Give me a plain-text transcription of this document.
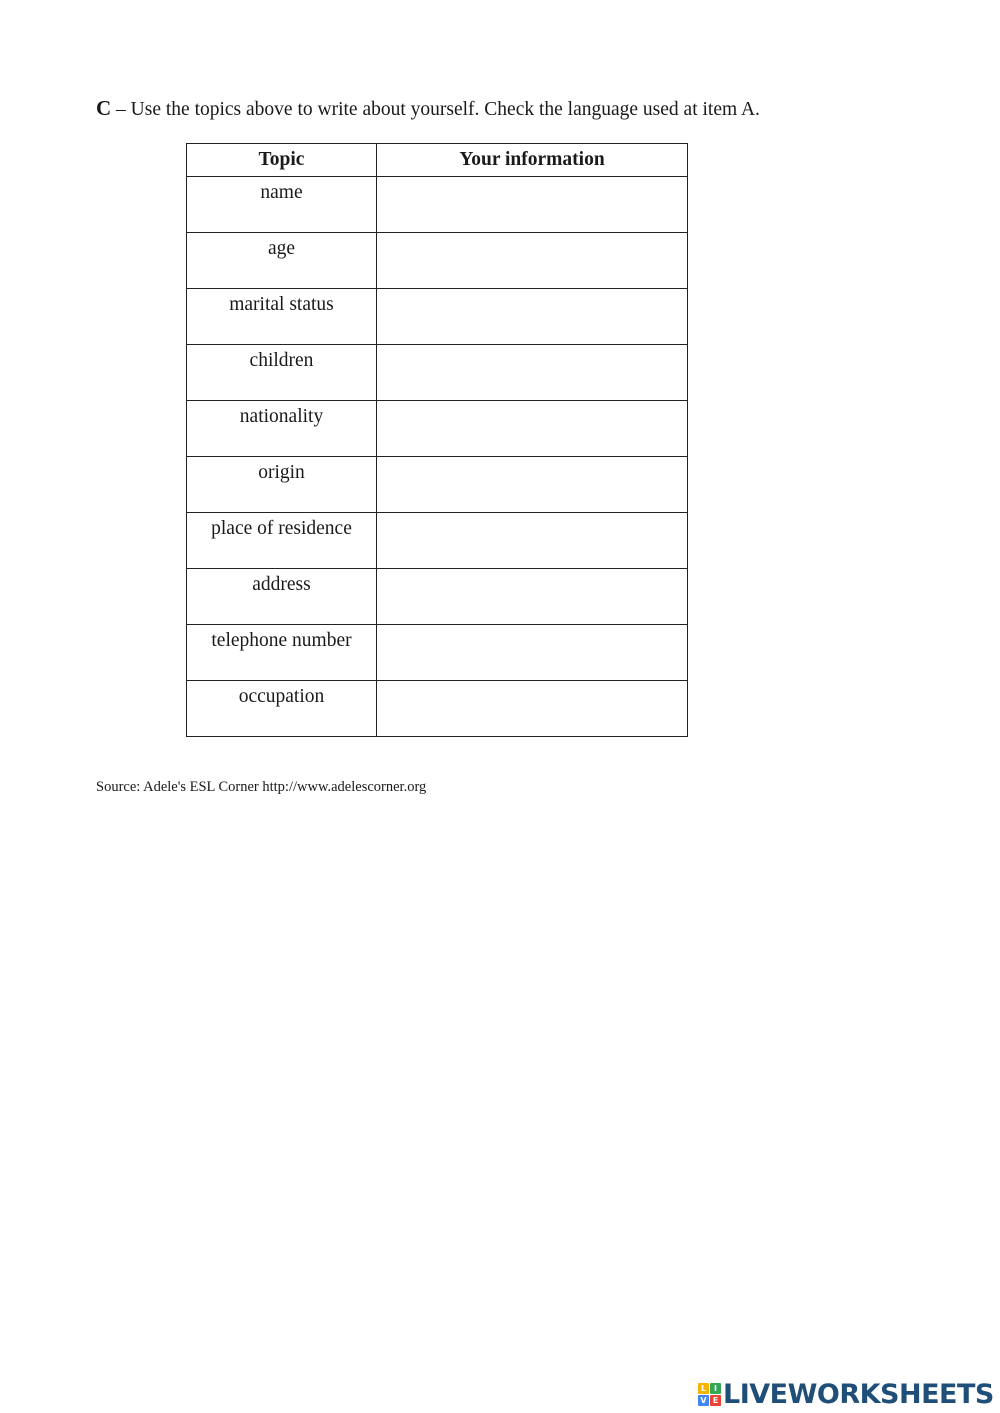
C – Use the topics above to write about yourself. Check the language used at item A.
Topic	Your information
name	

age	

marital status	

children	

nationality	

origin	

place of residence	

address	

telephone number	

occupation	
Source: Adele's ESL Corner http://www.adelescorner.org
L I
V E LIVEWORKSHEETS
